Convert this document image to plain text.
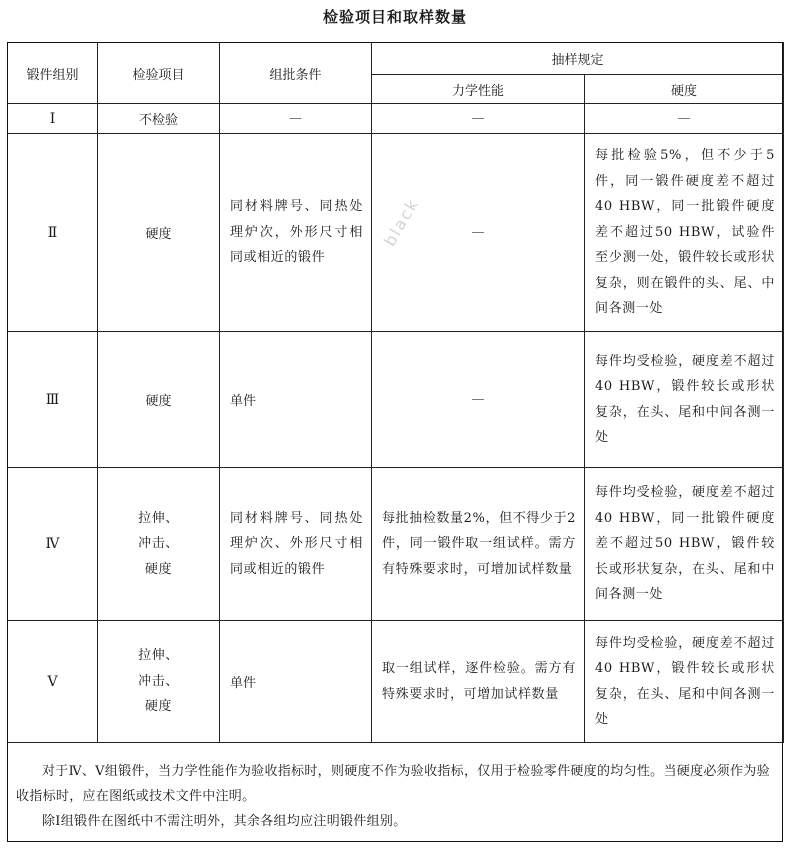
检验项目和取样数量
锻件组别	检验项目	组批条件	抽样规定	
			力学性能	硬度
Ⅰ	不检验	—	—	—
Ⅱ	硬度	同材料牌号、同热处理炉次，外形尺寸相同或相近的锻件	—	每批检验5%，但不少于5件，同一锻件硬度差不超过40 HBW，同一批锻件硬度差不超过50 HBW，试验件至少测一处，锻件较长或形状复杂，则在锻件的头、尾、中间各测一处
Ⅲ	硬度	单件	—	每件均受检验，硬度差不超过40 HBW，锻件较长或形状复杂，在头、尾和中间各测一处
Ⅳ	拉伸、冲击、硬度	同材料牌号、同热处理炉次、外形尺寸相同或相近的锻件	每批抽检数量2%，但不得少于2件，同一锻件取一组试样。需方有特殊要求时，可增加试样数量	每件均受检验，硬度差不超过40 HBW，同一批锻件硬度差不超过50 HBW，锻件较长或形状复杂，在头、尾和中间各测一处
Ⅴ	拉伸、冲击、硬度	单件	取一组试样，逐件检验。需方有特殊要求时，可增加试样数量	每件均受检验，硬度差不超过40 HBW，锻件较长或形状复杂，在头、尾和中间各测一处

对于Ⅳ、Ⅴ组锻件，当力学性能作为验收指标时，则硬度不作为验收指标，仅用于检验零件硬度的均匀性。当硬度必须作为验收指标时，应在图纸或技术文件中注明。

除Ⅰ组锻件在图纸中不需注明外，其余各组均应注明锻件组别。

black
